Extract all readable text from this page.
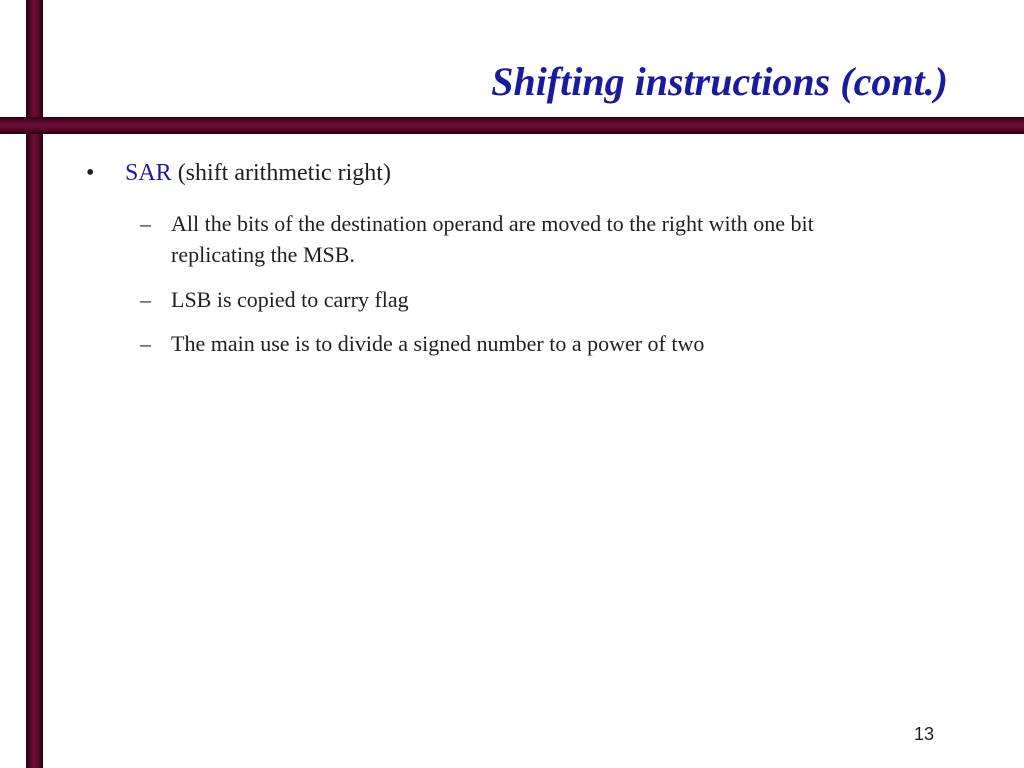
Shifting instructions (cont.)
• SAR (shift arithmetic right)
– All the bits of the destination operand are moved to the right with one bit replicating the MSB.
– LSB is copied to carry flag
– The main use is to divide a signed number to a power of two
13
